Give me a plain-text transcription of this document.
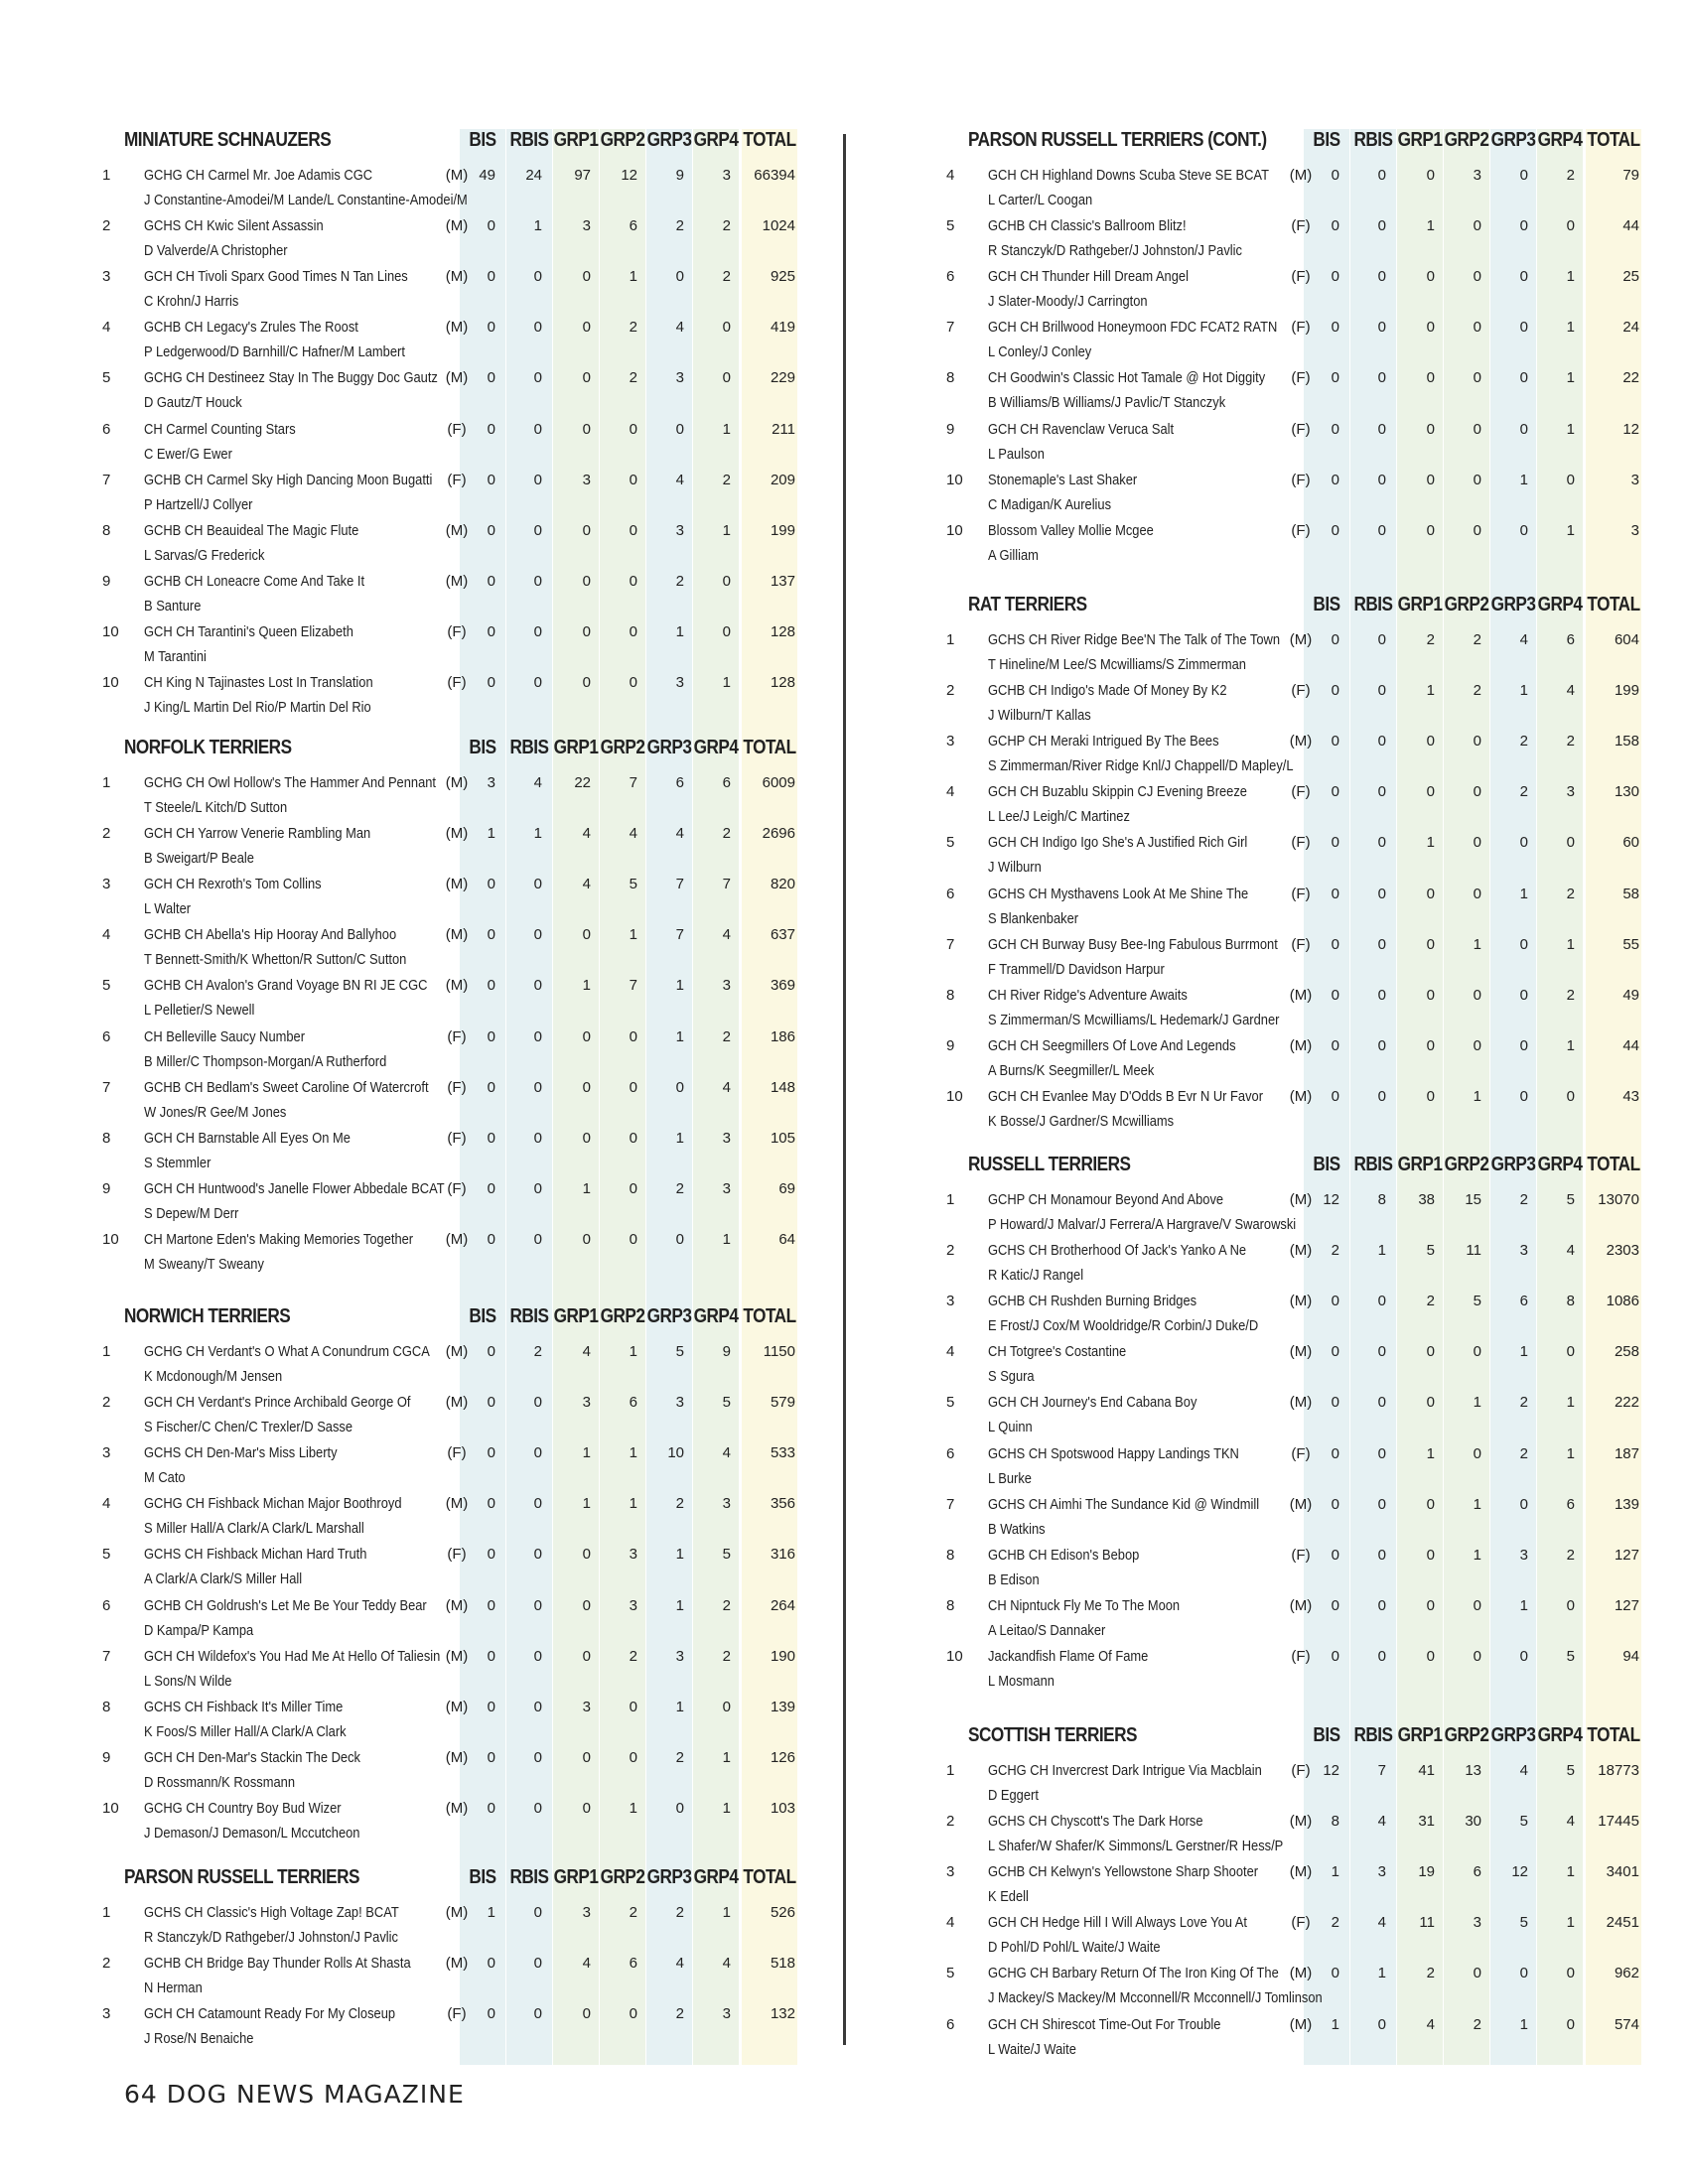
MINIATURE SCHNAUZERS	BIS RBIS GRP1 GRP2 GRP3 GRP4 TOTAL
1	GCHG CH Carmel Mr. Joe Adamis CGC
J Constantine-Amodei/M Lande/L Constantine-Amodei/M
(M) 49	24	97	12	9	3	66394
2	GCHS CH Kwic Silent Assassin
D Valverde/A Christopher
(M)	0	1	3	6	2	2	1024
3	GCH CH Tivoli Sparx Good Times N Tan Lines
C Krohn/J Harris
(M)	0	0	0	1	0	2	925
4	GCHB CH Legacy's Zrules The Roost
P Ledgerwood/D Barnhill/C Hafner/M Lambert
(M)	0	0	0	2	4	0	419
5	GCHG CH Destineez Stay In The Buggy Doc Gautz
D Gautz/T Houck
(M)	0	0	0	2	3	0	229
6	CH Carmel Counting Stars
C Ewer/G Ewer
(F)	0	0	0	0	0	1	211
7	GCHB CH Carmel Sky High Dancing Moon Bugatti
P Hartzell/J Collyer
(F)	0	0	3	0	4	2	209
8	GCHB CH Beauideal The Magic Flute
L Sarvas/G Frederick
(M)	0	0	0	0	3	1	199
9	GCHB CH Loneacre Come And Take It
B Santure
(M)	0	0	0	0	2	0	137
10	GCH CH Tarantini's Queen Elizabeth
M Tarantini
(F)	0	0	0	0	1	0	128
10	CH King N Tajinastes Lost In Translation
J King/L Martin Del Rio/P Martin Del Rio
(F)	0	0	0	0	3	1	128
NORFOLK TERRIERS	BIS RBIS GRP1 GRP2 GRP3 GRP4 TOTAL
1	GCHG CH Owl Hollow's The Hammer And Pennant
T Steele/L Kitch/D Sutton
(M)	3	4	22	7	6	6	6009
2	GCH CH Yarrow Venerie Rambling Man
B Sweigart/P Beale
(M)	1	1	4	4	4	2	2696
3	GCH CH Rexroth's Tom Collins
L Walter
(M)	0	0	4	5	7	7	820
4	GCHB CH Abella's Hip Hooray And Ballyhoo
T Bennett-Smith/K Whetton/R Sutton/C Sutton
(M)	0	0	0	1	7	4	637
5	GCHB CH Avalon's Grand Voyage BN RI JE CGC
L Pelletier/S Newell
(M)	0	0	1	7	1	3	369
6	CH Belleville Saucy Number
B Miller/C Thompson-Morgan/A Rutherford
(F)	0	0	0	0	1	2	186
7	GCHB CH Bedlam's Sweet Caroline Of Watercroft
W Jones/R Gee/M Jones
(F)	0	0	0	0	0	4	148
8	GCH CH Barnstable All Eyes On Me
S Stemmler
(F)	0	0	0	0	1	3	105
9	GCH CH Huntwood's Janelle Flower Abbedale BCAT
S Depew/M Derr
(F)	0	0	1	0	2	3	69
10	CH Martone Eden's Making Memories Together
M Sweany/T Sweany
(M)	0	0	0	0	0	1	64
NORWICH TERRIERS	BIS RBIS GRP1 GRP2 GRP3 GRP4 TOTAL
1	GCHG CH Verdant's O What A Conundrum CGCA
K Mcdonough/M Jensen
(M)	0	2	4	1	5	9	1150
2	GCH CH Verdant's Prince Archibald George Of
S Fischer/C Chen/C Trexler/D Sasse
(M)	0	0	3	6	3	5	579
3	GCHS CH Den-Mar's Miss Liberty
M Cato
(F)	0	0	1	1	10	4	533
4	GCHG CH Fishback Michan Major Boothroyd
S Miller Hall/A Clark/A Clark/L Marshall
(M)	0	0	1	1	2	3	356
5	GCHS CH Fishback Michan Hard Truth
A Clark/A Clark/S Miller Hall
(F)	0	0	0	3	1	5	316
6	GCHB CH Goldrush's Let Me Be Your Teddy Bear
D Kampa/P Kampa
(M)	0	0	0	3	1	2	264
7	GCH CH Wildefox's You Had Me At Hello Of Taliesin
L Sons/N Wilde
(M)	0	0	0	2	3	2	190
8	GCHS CH Fishback It's Miller Time
K Foos/S Miller Hall/A Clark/A Clark
(M)	0	0	3	0	1	0	139
9	GCH CH Den-Mar's Stackin The Deck
D Rossmann/K Rossmann
(M)	0	0	0	0	2	1	126
10	GCHG CH Country Boy Bud Wizer
J Demason/J Demason/L Mccutcheon
(M)	0	0	0	1	0	1	103
PARSON RUSSELL TERRIERS	BIS RBIS GRP1 GRP2 GRP3 GRP4 TOTAL
1	GCHS CH Classic's High Voltage Zap! BCAT
R Stanczyk/D Rathgeber/J Johnston/J Pavlic
(M)	1	0	3	2	2	1	526
2	GCHB CH Bridge Bay Thunder Rolls At Shasta
N Herman
(M)	0	0	4	6	4	4	518
3	GCH CH Catamount Ready For My Closeup
J Rose/N Benaiche
(F)	0	0	0	0	2	3	132
PARSON RUSSELL TERRIERS (CONT.)	BIS RBIS GRP1 GRP2 GRP3 GRP4 TOTAL
4	GCH CH Highland Downs Scuba Steve SE BCAT
L Carter/L Coogan
(M)	0	0	0	3	0	2	79
5	GCHB CH Classic's Ballroom Blitz!
R Stanczyk/D Rathgeber/J Johnston/J Pavlic
(F)	0	0	1	0	0	0	44
6	GCH CH Thunder Hill Dream Angel
J Slater-Moody/J Carrington
(F)	0	0	0	0	0	1	25
7	GCH CH Brillwood Honeymoon FDC FCAT2 RATN
L Conley/J Conley
(F)	0	0	0	0	0	1	24
8	CH Goodwin's Classic Hot Tamale @ Hot Diggity
B Williams/B Williams/J Pavlic/T Stanczyk
(F)	0	0	0	0	0	1	22
9	GCH CH Ravenclaw Veruca Salt
L Paulson
(F)	0	0	0	0	0	1	12
10	Stonemaple's Last Shaker
C Madigan/K Aurelius
(F)	0	0	0	0	1	0	3
10	Blossom Valley Mollie Mcgee
A Gilliam
(F)	0	0	0	0	0	1	3
RAT TERRIERS	BIS RBIS GRP1 GRP2 GRP3 GRP4 TOTAL
1	GCHS CH River Ridge Bee'N The Talk of The Town
T Hineline/M Lee/S Mcwilliams/S Zimmerman
(M)	0	0	2	2	4	6	604
2	GCHB CH Indigo's Made Of Money By K2
J Wilburn/T Kallas
(F)	0	0	1	2	1	4	199
3	GCHP CH Meraki Intrigued By The Bees
S Zimmerman/River Ridge Knl/J Chappell/D Mapley/L
(M)	0	0	0	0	2	2	158
4	GCH CH Buzablu Skippin CJ Evening Breeze
L Lee/J Leigh/C Martinez
(F)	0	0	0	0	2	3	130
5	GCH CH Indigo Igo She's A Justified Rich Girl
J Wilburn
(F)	0	0	1	0	0	0	60
6	GCHS CH Mysthavens Look At Me Shine The
S Blankenbaker
(F)	0	0	0	0	1	2	58
7	GCH CH Burway Busy Bee-Ing Fabulous Burrmont
F Trammell/D Davidson Harpur
(F)	0	0	0	1	0	1	55
8	CH River Ridge's Adventure Awaits
S Zimmerman/S Mcwilliams/L Hedemark/J Gardner
(M)	0	0	0	0	0	2	49
9	GCH CH Seegmillers Of Love And Legends
A Burns/K Seegmiller/L Meek
(M)	0	0	0	0	0	1	44
10	GCH CH Evanlee May D'Odds B Evr N Ur Favor
K Bosse/J Gardner/S Mcwilliams
(M)	0	0	0	1	0	0	43
RUSSELL TERRIERS	BIS RBIS GRP1 GRP2 GRP3 GRP4 TOTAL
1	GCHP CH Monamour Beyond And Above
P Howard/J Malvar/J Ferrera/A Hargrave/V Swarowski
(M) 12	8	38	15	2	5	13070
2	GCHS CH Brotherhood Of Jack's Yanko A Ne
R Katic/J Rangel
(M)	2	1	5	11	3	4	2303
3	GCHB CH Rushden Burning Bridges
E Frost/J Cox/M Wooldridge/R Corbin/J Duke/D
(M)	0	0	2	5	6	8	1086
4	CH Totgree's Costantine
S Sgura
(M)	0	0	0	0	1	0	258
5	GCH CH Journey's End Cabana Boy
L Quinn
(M)	0	0	0	1	2	1	222
6	GCHS CH Spotswood Happy Landings TKN
L Burke
(F)	0	0	1	0	2	1	187
7	GCHS CH Aimhi The Sundance Kid @ Windmill
B Watkins
(M)	0	0	0	1	0	6	139
8	GCHB CH Edison's Bebop
B Edison
(F)	0	0	0	1	3	2	127
8	CH Nipntuck Fly Me To The Moon
A Leitao/S Dannaker
(M)	0	0	0	0	1	0	127
10	Jackandfish Flame Of Fame
L Mosmann
(F)	0	0	0	0	0	5	94
SCOTTISH TERRIERS	BIS RBIS GRP1 GRP2 GRP3 GRP4 TOTAL
1	GCHG CH Invercrest Dark Intrigue Via Macblain
D Eggert
(F) 12	7	41	13	4	5	18773
2	GCHS CH Chyscott's The Dark Horse
L Shafer/W Shafer/K Simmons/L Gerstner/R Hess/P
(M)	8	4	31	30	5	4	17445
3	GCHB CH Kelwyn's Yellowstone Sharp Shooter
K Edell
(M)	1	3	19	6	12	1	3401
4	GCH CH Hedge Hill I Will Always Love You At
D Pohl/D Pohl/L Waite/J Waite
(F)	2	4	11	3	5	1	2451
5	GCHG CH Barbary Return Of The Iron King Of The
J Mackey/S Mackey/M Mcconnell/R Mcconnell/J Tomlinson
(M)	0	1	2	0	0	0	962
6	GCH CH Shirescot Time-Out For Trouble
L Waite/J Waite
(M)	1	0	4	2	1	0	574
64 DOG NEWS MAGAZINE
